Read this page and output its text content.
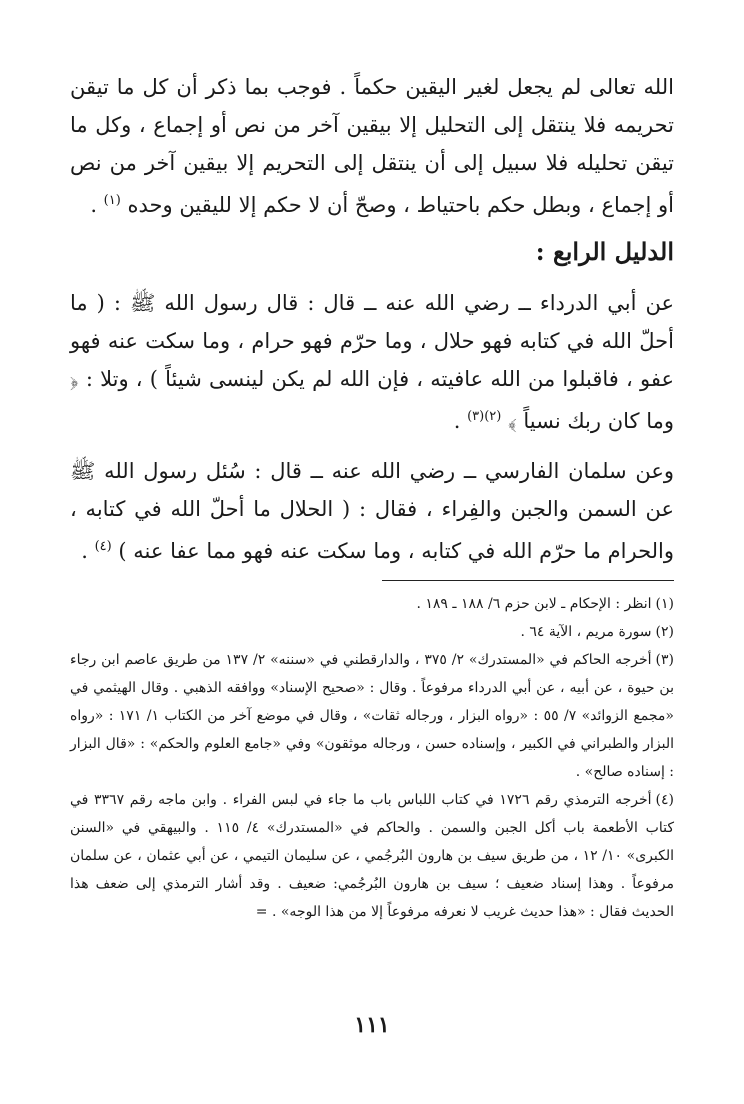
الله تعالى لم يجعل لغير اليقين حكماً . فوجب بما ذكر أن كل ما تيقن تحريمه فلا ينتقل إلى التحليل إلا بيقين آخر من نص أو إجماع ، وكل ما تيقن تحليله فلا سبيل إلى أن ينتقل إلى التحريم إلا بيقين آخر من نص أو إجماع ، وبطل حكم باحتياط ، وصحّ أن لا حكم إلا لليقين وحده $^{(١)}$ .

الدليل الرابع :

عن أبي الدرداء ــ رضي الله عنه ــ قال : قال رسول الله ﷺ : ( ما أحلّ الله في كتابه فهو حلال ، وما حرّم فهو حرام ، وما سكت عنه فهو عفو ، فاقبلوا من الله عافيته ، فإن الله لم يكن لينسى شيئاً ) ، وتلا : ﴿ وما كان ربك نسياً ﴾ $^{(٢)(٣)}$ .

وعن سلمان الفارسي ــ رضي الله عنه ــ قال : سُئل رسول الله ﷺ عن السمن والجبن والفِراء ، فقال : ( الحلال ما أحلّ الله في كتابه ، والحرام ما حرّم الله في كتابه ، وما سكت عنه فهو مما عفا عنه ) $^{(٤)}$ .

(١)انظر : الإحكام ـ لابن حزم ٦/ ١٨٨ ـ ١٨٩ .

(٢)سورة مريم ، الآية ٦٤ .

(٣)أخرجه الحاكم في «المستدرك» ٢/ ٣٧٥ ، والدارقطني في «سننه» ٢/ ١٣٧ من طريق عاصم ابن رجاء بن حيوة ، عن أبيه ، عن أبي الدرداء مرفوعاً . وقال : «صحيح الإسناد» ووافقه الذهبي . وقال الهيثمي في «مجمع الزوائد» ٧/ ٥٥ : «رواه البزار ، ورجاله ثقات» ، وقال في موضع آخر من الكتاب ١/ ١٧١ : «رواه البزار والطبراني في الكبير ، وإسناده حسن ، ورجاله موثقون» وفي «جامع العلوم والحكم» : «قال البزار : إسناده صالح» .

(٤)أخرجه الترمذي رقم ١٧٢٦ في كتاب اللباس باب ما جاء في لبس الفراء . وابن ماجه رقم ٣٣٦٧ في كتاب الأطعمة باب أكل الجبن والسمن . والحاكم في «المستدرك» ٤/ ١١٥ . والبيهقي في «السنن الكبرى» ١٠/ ١٢ ، من طريق سيف بن هارون البُرجُمي ، عن سليمان التيمي ، عن أبي عثمان ، عن سلمان مرفوعاً . وهذا إسناد ضعيف ؛ سيف بن هارون البُرجُمي: ضعيف . وقد أشار الترمذي إلى ضعف هذا الحديث فقال : «هذا حديث غريب لا نعرفه مرفوعاً إلا من هذا الوجه» . =

١١١
